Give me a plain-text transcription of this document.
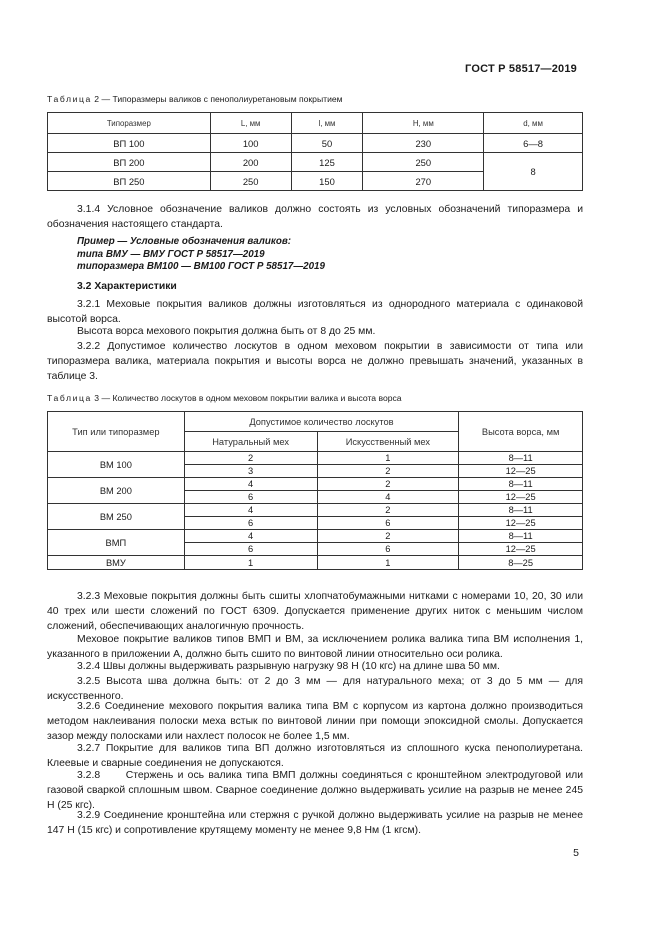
ГОСТ Р 58517—2019
Таблица 2 — Типоразмеры валиков с пенополиуретановым покрытием
Типоразмер	L, мм	l, мм	H, мм	d, мм
ВП 100	100	50	230	6—8
ВП 200	200	125	250	8
ВП 250	250	150	270	
3.1.4 Условное обозначение валиков должно состоять из условных обозначений типоразмера и обозначения настоящего стандарта.
Пример — Условные обозначения валиков:
типа ВМУ — ВМУ ГОСТ Р 58517—2019
типоразмера ВМ100 — ВМ100 ГОСТ Р 58517—2019
3.2 Характеристики
3.2.1 Меховые покрытия валиков должны изготовляться из однородного материала с одинаковой высотой ворса.
Высота ворса мехового покрытия должна быть от 8 до 25 мм.
3.2.2 Допустимое количество лоскутов в одном меховом покрытии в зависимости от типа или типоразмера валика, материала покрытия и высоты ворса не должно превышать значений, указанных в таблице 3.
Таблица 3 — Количество лоскутов в одном меховом покрытии валика и высота ворса
Тип или типоразмер	Допустимое количество лоскутов		Высота ворса, мм
	Натуральный мех	Искусственный мех	
ВМ 100	2	1	8—11
	3	2	12—25
ВМ 200	4	2	8—11
	6	4	12—25
ВМ 250	4	2	8—11
	6	6	12—25
ВМП	4	2	8—11
	6	6	12—25
ВМУ	1	1	8—25
3.2.3 Меховые покрытия должны быть сшиты хлопчатобумажными нитками с номерами 10, 20, 30 или 40 трех или шести сложений по ГОСТ 6309. Допускается применение других ниток с меньшим числом сложений, обеспечивающих аналогичную прочность.
Меховое покрытие валиков типов ВМП и ВМ, за исключением ролика валика типа ВМ исполнения 1, указанного в приложении А, должно быть сшито по винтовой линии относительно оси ролика.
3.2.4 Швы должны выдерживать разрывную нагрузку 98 Н (10 кгс) на длине шва 50 мм.
3.2.5 Высота шва должна быть: от 2 до 3 мм — для натурального меха; от 3 до 5 мм — для искусственного.
3.2.6 Соединение мехового покрытия валика типа ВМ с корпусом из картона должно производиться методом наклеивания полоски меха встык по винтовой линии при помощи эпоксидной смолы. Допускается зазор между полосками или нахлест полосок не более 1,5 мм.
3.2.7 Покрытие для валиков типа ВП должно изготовляться из сплошного куска пенополиуретана. Клеевые и сварные соединения не допускаются.
3.2.8      Стержень и ось валика типа ВМП должны соединяться с кронштейном электродуговой или газовой сваркой сплошным швом. Сварное соединение должно выдерживать усилие на разрыв не менее 245 Н (25 кгс).
3.2.9 Соединение кронштейна или стержня с ручкой должно выдерживать усилие на разрыв не менее 147 Н (15 кгс) и сопротивление крутящему моменту не менее 9,8 Нм (1 кгсм).
5
